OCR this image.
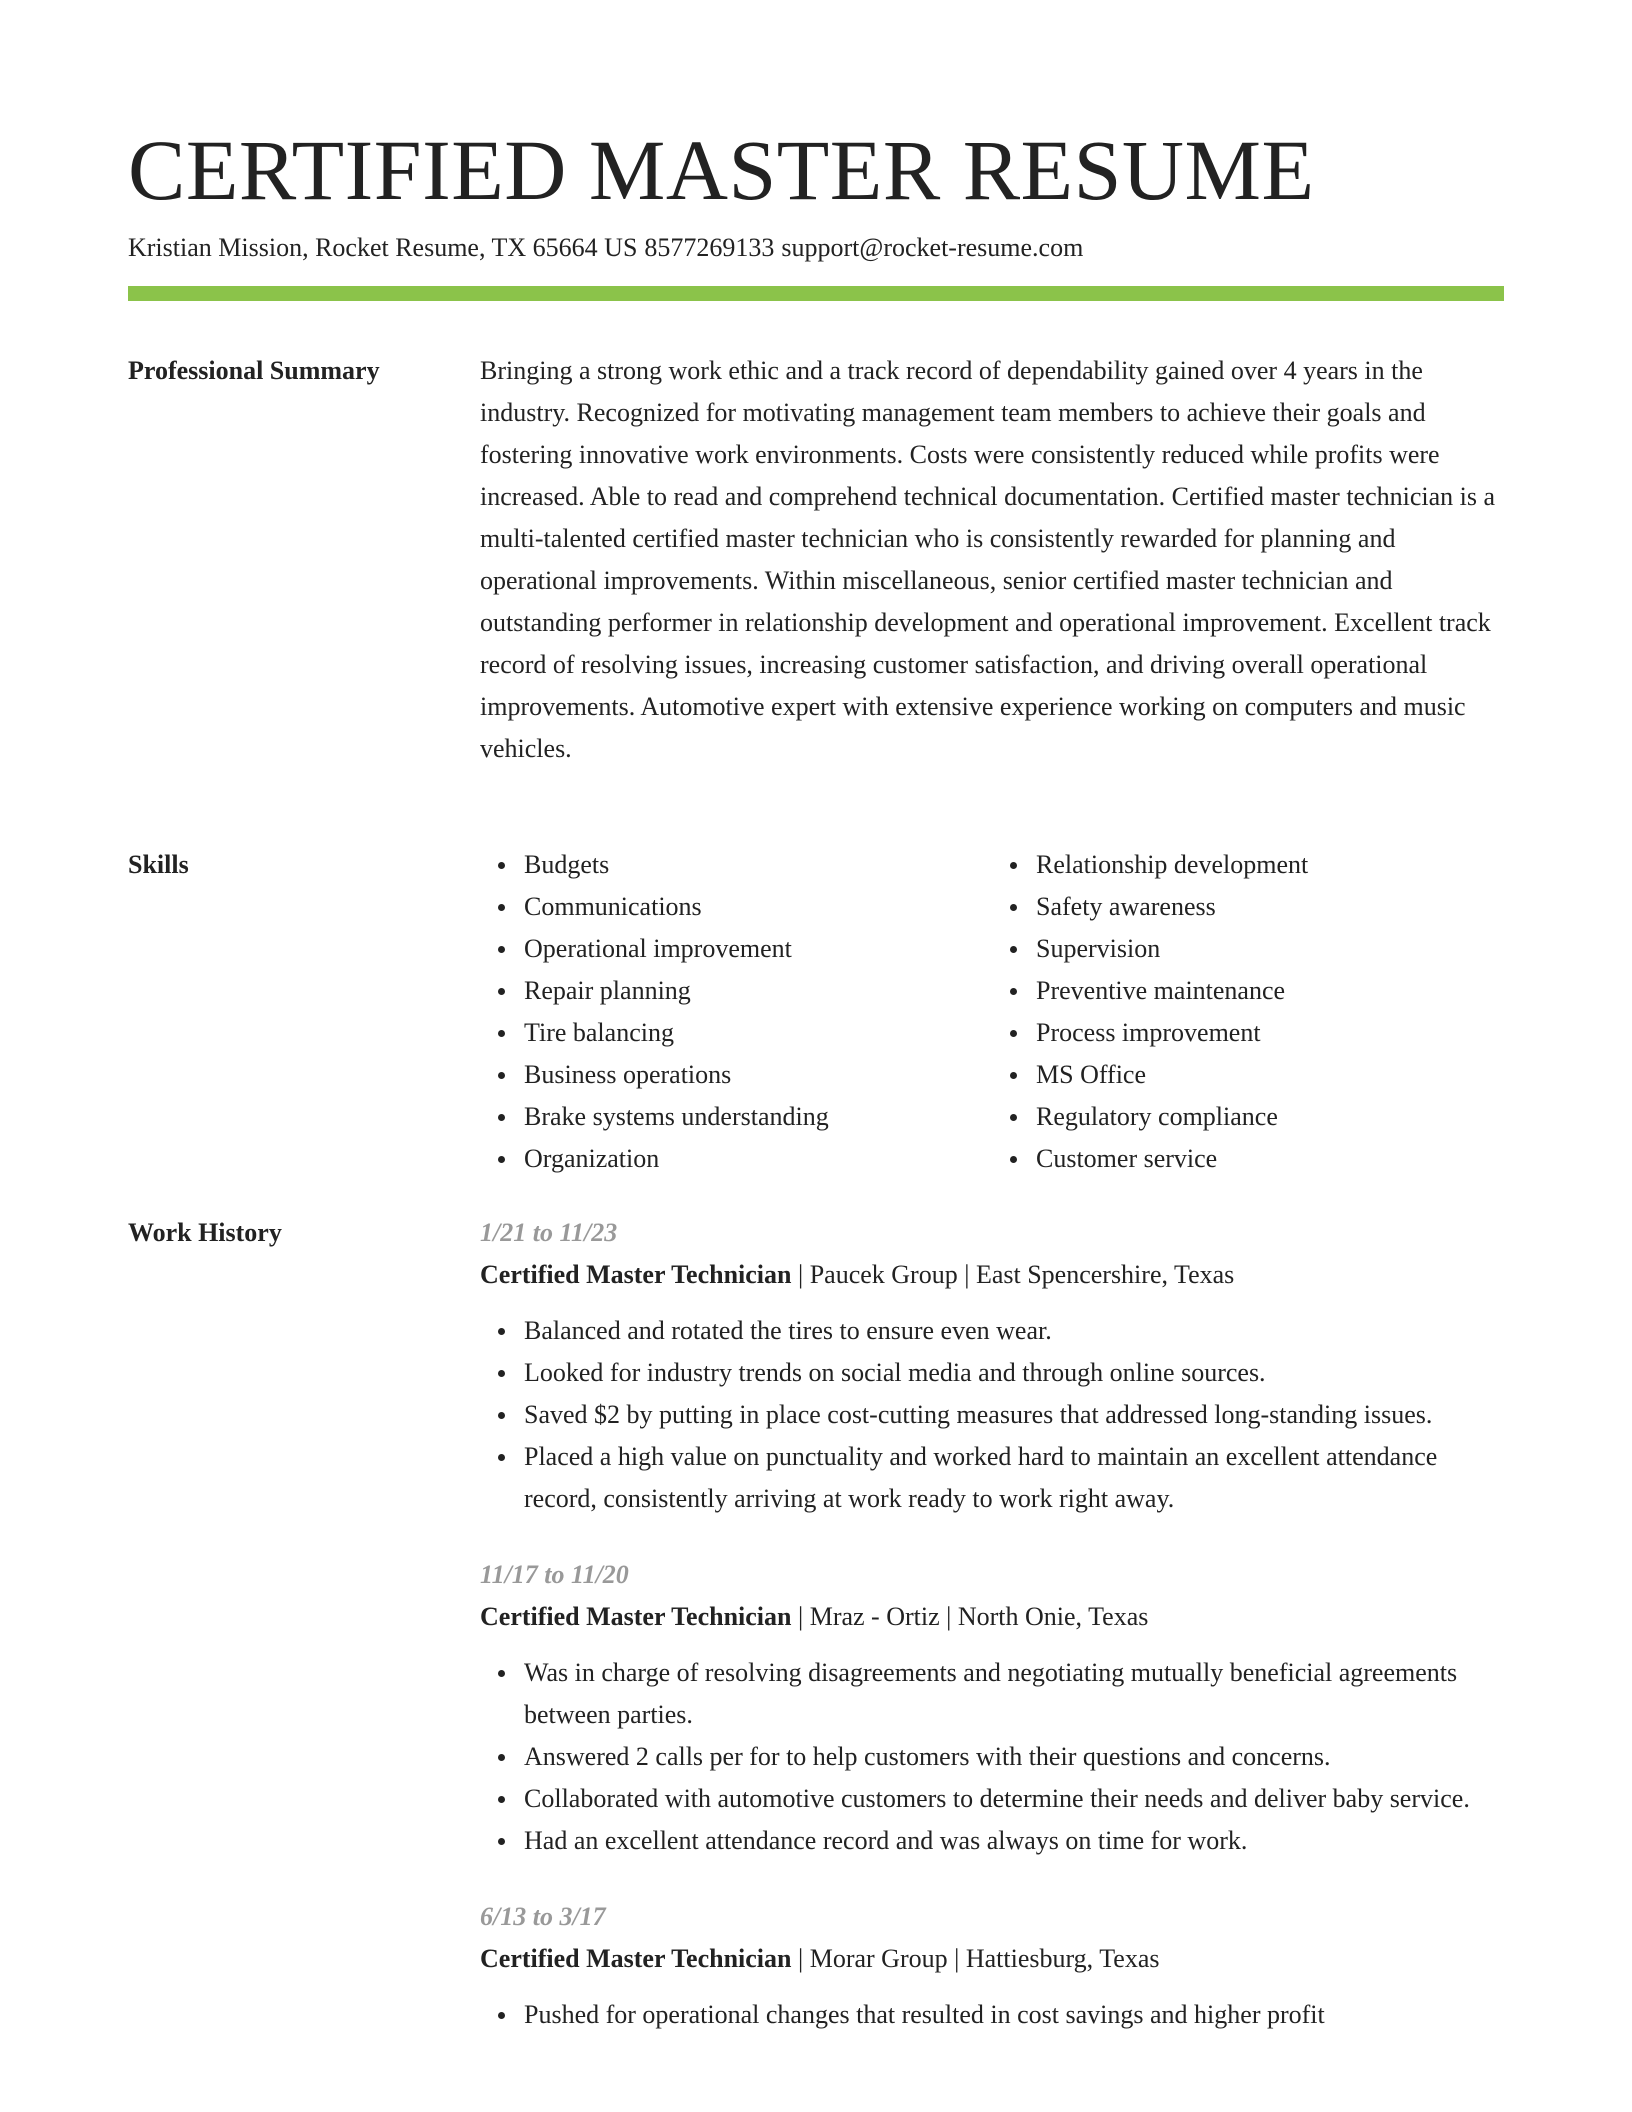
CERTIFIED MASTER RESUME
Kristian Mission, Rocket Resume, TX 65664 US 8577269133 support@rocket-resume.com
Professional Summary	Bringing a strong work ethic and a track record of dependability gained over 4 years in the industry. Recognized for motivating management team members to achieve their goals and fostering innovative work environments. Costs were consistently reduced while profits were increased. Able to read and comprehend technical documentation. Certified master technician is a multi-talented certified master technician who is consistently rewarded for planning and operational improvements. Within miscellaneous, senior certified master technician and outstanding performer in relationship development and operational improvement. Excellent track record of resolving issues, increasing customer satisfaction, and driving overall operational improvements. Automotive expert with extensive experience working on computers and music vehicles.

Skills	Budgets
Communications
Operational improvement
Repair planning
Tire balancing
Business operations
Brake systems understanding
Organization
Relationship development
Safety awareness
Supervision
Preventive maintenance
Process improvement
MS Office
Regulatory compliance
Customer service
Work History	1/21 to 11/23
Certified Master Technician | Paucek Group | East Spencershire, Texas
Balanced and rotated the tires to ensure even wear.
Looked for industry trends on social media and through online sources.
Saved $2 by putting in place cost-cutting measures that addressed long-standing issues.
Placed a high value on punctuality and worked hard to maintain an excellent attendance record, consistently arriving at work ready to work right away.
11/17 to 11/20
Certified Master Technician | Mraz - Ortiz | North Onie, Texas
Was in charge of resolving disagreements and negotiating mutually beneficial agreements between parties.
Answered 2 calls per for to help customers with their questions and concerns.
Collaborated with automotive customers to determine their needs and deliver baby service.
Had an excellent attendance record and was always on time for work.
6/13 to 3/17
Certified Master Technician | Morar Group | Hattiesburg, Texas
Pushed for operational changes that resulted in cost savings and higher profit
